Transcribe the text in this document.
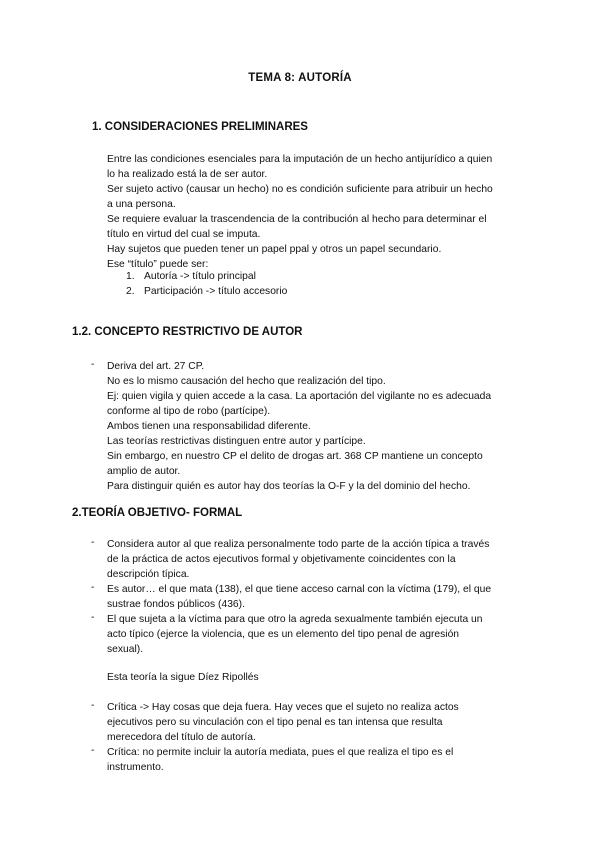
TEMA 8: AUTORÍA
1. CONSIDERACIONES PRELIMINARES
Entre las condiciones esenciales para la imputación de un hecho antijurídico a quien
lo ha realizado está la de ser autor.
Ser sujeto activo (causar un hecho) no es condición suficiente para atribuir un hecho
a una persona.
Se requiere evaluar la trascendencia de la contribución al hecho para determinar el
título en virtud del cual se imputa.
Hay sujetos que pueden tener un papel ppal y otros un papel secundario.
Ese “título” puede ser:
1. Autoría -> título principal
2. Participación -> título accesorio
1.2. CONCEPTO RESTRICTIVO DE AUTOR
- Deriva del art. 27 CP.
No es lo mismo causación del hecho que realización del tipo.
Ej: quien vigila y quien accede a la casa. La aportación del vigilante no es adecuada
conforme al tipo de robo (partícipe).
Ambos tienen una responsabilidad diferente.
Las teorías restrictivas distinguen entre autor y partícipe.
Sin embargo, en nuestro CP el delito de drogas art. 368 CP mantiene un concepto
amplio de autor.
Para distinguir quién es autor hay dos teorías la O-F y la del dominio del hecho.
2.TEORÍA OBJETIVO- FORMAL
- Considera autor al que realiza personalmente todo parte de la acción típica a través
de la práctica de actos ejecutivos formal y objetivamente coincidentes con la
descripción típica.
- Es autor… el que mata (138), el que tiene acceso carnal con la víctima (179), el que
sustrae fondos públicos (436).
- El que sujeta a la víctima para que otro la agreda sexualmente también ejecuta un
acto típico (ejerce la violencia, que es un elemento del tipo penal de agresión
sexual).
Esta teoría la sigue Díez Ripollés
- Crítica -> Hay cosas que deja fuera. Hay veces que el sujeto no realiza actos
ejecutivos pero su vinculación con el tipo penal es tan intensa que resulta
merecedora del título de autoría.
- Crítica: no permite incluir la autoría mediata, pues el que realiza el tipo es el
instrumento.
